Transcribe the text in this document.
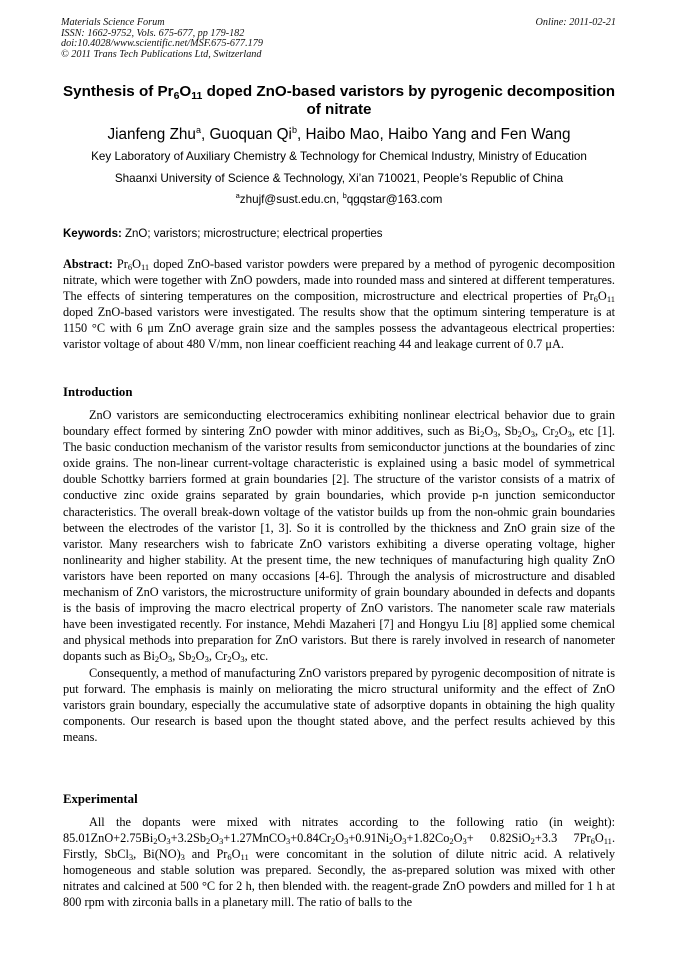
Materials Science Forum
ISSN: 1662-9752, Vols. 675-677, pp 179-182
doi:10.4028/www.scientific.net/MSF.675-677.179
© 2011 Trans Tech Publications Ltd, Switzerland
Online: 2011-02-21
Synthesis of $Pr_6O_{11}$ doped ZnO-based varistors by pyrogenic decomposition of nitrate
Jianfeng Zhu$^a$, Guoquan Qi$^b$, Haibo Mao, Haibo Yang and Fen Wang
Key Laboratory of Auxiliary Chemistry & Technology for Chemical Industry, Ministry of Education
Shaanxi University of Science & Technology, Xi’an 710021, People’s Republic of China
$^a$zhujf@sust.edu.cn, $^b$qgqstar@163.com
Keywords: ZnO; varistors; microstructure; electrical properties

Abstract: $Pr_6O_{11}$ doped ZnO-based varistor powders were prepared by a method of pyrogenic decomposition nitrate, which were together with ZnO powders, made into rounded mass and sintered at different temperatures. The effects of sintering temperatures on the composition, microstructure and electrical properties of $Pr_6O_{11}$ doped ZnO-based varistors were investigated. The results show that the optimum sintering temperature is at 1150 °C with 6 μm ZnO average grain size and the samples possess the advantageous electrical properties: varistor voltage of about 480 V/mm, non linear coefficient reaching 44 and leakage current of 0.7 μA.

Introduction

ZnO varistors are semiconducting electroceramics exhibiting nonlinear electrical behavior due to grain boundary effect formed by sintering ZnO powder with minor additives, such as $Bi_2O_3$, $Sb_2O_3$, $Cr_2O_3$, etc [1]. The basic conduction mechanism of the varistor results from semiconductor junctions at the boundaries of zinc oxide grains. The non-linear current-voltage characteristic is explained using a basic model of symmetrical double Schottky barriers formed at grain boundaries [2]. The structure of the varistor consists of a matrix of conductive zinc oxide grains separated by grain boundaries, which provide p-n junction semiconductor characteristics. The overall break-down voltage of the vatistor builds up from the non-ohmic grain boundaries between the electrodes of the varistor [1, 3]. So it is controlled by the thickness and ZnO grain size of the varistor. Many researchers wish to fabricate ZnO varistors exhibiting a diverse operating voltage, higher nonlinearity and higher stability. At the present time, the new techniques of manufacturing high quality ZnO varistors have been reported on many occasions [4-6]. Through the analysis of microstructure and disabled mechanism of ZnO varistors, the microstructure uniformity of grain boundary abounded in defects and dopants is the basis of improving the macro electrical property of ZnO varistors. The nanometer scale raw materials have been investigated recently. For instance, Mehdi Mazaheri [7] and Hongyu Liu [8] applied some chemical and physical methods into preparation for ZnO varistors. But there is rarely involved in research of nanometer dopants such as $Bi_2O_3$, $Sb_2O_3$, $Cr_2O_3$, etc.

Consequently, a method of manufacturing ZnO varistors prepared by pyrogenic decomposition of nitrate is put forward. The emphasis is mainly on meliorating the micro structural uniformity and the effect of ZnO varistors grain boundary, especially the accumulative state of adsorptive dopants in obtaining the high quality components. Our research is based upon the thought stated above, and the perfect results achieved by this means.

Experimental

All the dopants were mixed with nitrates according to the following ratio (in weight): $85.01ZnO+2.75Bi_2O_3+3.2Sb_2O_3+1.27MnCO_3+0.84Cr_2O_3+0.91Ni_2O_3+1.82Co_2O_3+ 0.82SiO_2+3.3$ $7Pr_6O_{11}$. Firstly, SbCl$_3$, $Bi(NO)_3$ and $Pr_6O_{11}$ were concomitant in the solution of dilute nitric acid. A relatively homogeneous and stable solution was prepared. Secondly, the as-prepared solution was mixed with other nitrates and calcined at 500 °C for 2 h, then blended with. the reagent-grade ZnO powders and milled for 1 h at 800 rpm with zirconia balls in a planetary mill. The ratio of balls to the
